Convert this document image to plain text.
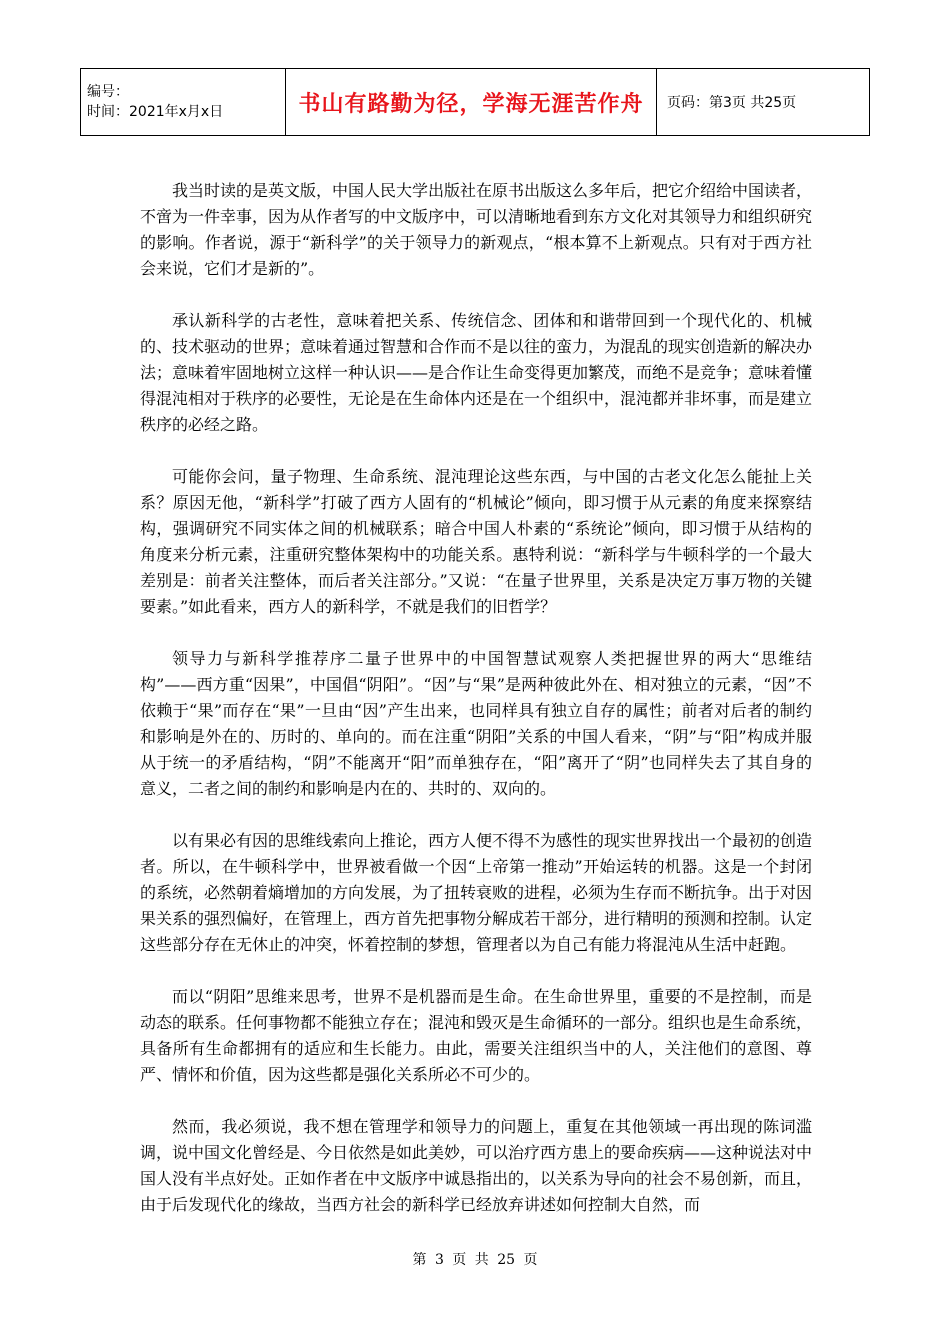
编号：
时间：2021年x月x日	书山有路勤为径，学海无涯苦作舟	页码：第3页 共25页

我当时读的是英文版，中国人民大学出版社在原书出版这么多年后，把它介绍给中国读者，不啻为一件幸事，因为从作者写的中文版序中，可以清晰地看到东方文化对其领导力和组织研究的影响。作者说，源于“新科学”的关于领导力的新观点，“根本算不上新观点。只有对于西方社会来说，它们才是新的”。

承认新科学的古老性，意味着把关系、传统信念、团体和和谐带回到一个现代化的、机械的、技术驱动的世界；意味着通过智慧和合作而不是以往的蛮力，为混乱的现实创造新的解决办法；意味着牢固地树立这样一种认识——是合作让生命变得更加繁茂，而绝不是竞争；意味着懂得混沌相对于秩序的必要性，无论是在生命体内还是在一个组织中，混沌都并非坏事，而是建立秩序的必经之路。

可能你会问，量子物理、生命系统、混沌理论这些东西，与中国的古老文化怎么能扯上关系？原因无他，“新科学”打破了西方人固有的“机械论”倾向，即习惯于从元素的角度来探察结构，强调研究不同实体之间的机械联系；暗合中国人朴素的“系统论”倾向，即习惯于从结构的角度来分析元素，注重研究整体架构中的功能关系。惠特利说：“新科学与牛顿科学的一个最大差别是：前者关注整体，而后者关注部分。”又说：“在量子世界里，关系是决定万事万物的关键要素。”如此看来，西方人的新科学，不就是我们的旧哲学？

领导力与新科学推荐序二量子世界中的中国智慧试观察人类把握世界的两大“思维结构”——西方重“因果”，中国倡“阴阳”。“因”与“果”是两种彼此外在、相对独立的元素，“因”不依赖于“果”而存在“果”一旦由“因”产生出来，也同样具有独立自存的属性；前者对后者的制约和影响是外在的、历时的、单向的。而在注重“阴阳”关系的中国人看来，“阴”与“阳”构成并服从于统一的矛盾结构，“阴”不能离开“阳”而单独存在，“阳”离开了“阴”也同样失去了其自身的意义，二者之间的制约和影响是内在的、共时的、双向的。

以有果必有因的思维线索向上推论，西方人便不得不为感性的现实世界找出一个最初的创造者。所以，在牛顿科学中，世界被看做一个因“上帝第一推动”开始运转的机器。这是一个封闭的系统，必然朝着熵增加的方向发展，为了扭转衰败的进程，必须为生存而不断抗争。出于对因果关系的强烈偏好，在管理上，西方首先把事物分解成若干部分，进行精明的预测和控制。认定这些部分存在无休止的冲突，怀着控制的梦想，管理者以为自己有能力将混沌从生活中赶跑。

而以“阴阳”思维来思考，世界不是机器而是生命。在生命世界里，重要的不是控制，而是动态的联系。任何事物都不能独立存在；混沌和毁灭是生命循环的一部分。组织也是生命系统，具备所有生命都拥有的适应和生长能力。由此，需要关注组织当中的人，关注他们的意图、尊严、情怀和价值，因为这些都是强化关系所必不可少的。

然而，我必须说，我不想在管理学和领导力的问题上，重复在其他领域一再出现的陈词滥调，说中国文化曾经是、今日依然是如此美妙，可以治疗西方患上的要命疾病——这种说法对中国人没有半点好处。正如作者在中文版序中诚恳指出的，以关系为导向的社会不易创新，而且，由于后发现代化的缘故，当西方社会的新科学已经放弃讲述如何控制大自然，而

第 3 页 共 25 页
